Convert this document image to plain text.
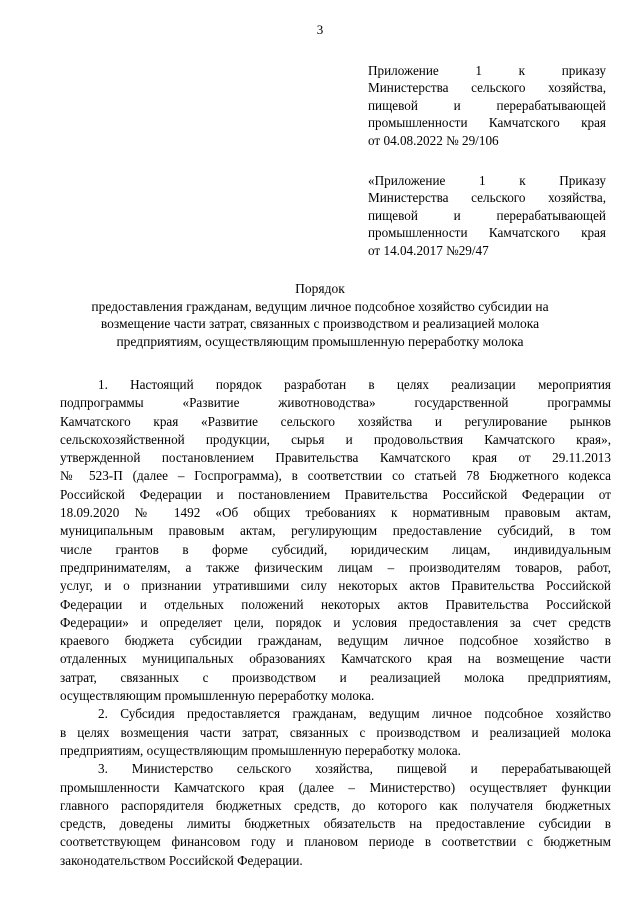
3
Приложение 1 к приказу
Министерства сельского хозяйства,
пищевой и перерабатывающей
промышленности Камчатского края
от 04.08.2022 № 29/106
«Приложение 1 к Приказу
Министерства сельского хозяйства,
пищевой и перерабатывающей
промышленности Камчатского края
от 14.04.2017 №29/47
Порядок
предоставления гражданам, ведущим личное подсобное хозяйство субсидии на
возмещение части затрат, связанных с производством и реализацией молока
предприятиям, осуществляющим промышленную переработку молока
1. Настоящий порядок разработан в целях реализации мероприятия
подпрограммы «Развитие животноводства» государственной программы
Камчатского края «Развитие сельского хозяйства и регулирование рынков
сельскохозяйственной продукции, сырья и продовольствия Камчатского края»,
утвержденной постановлением Правительства Камчатского края от 29.11.2013
№ 523-П (далее – Госпрограмма), в соответствии со статьей 78 Бюджетного кодекса
Российской Федерации и постановлением Правительства Российской Федерации от
18.09.2020 № 1492 «Об общих требованиях к нормативным правовым актам,
муниципальным правовым актам, регулирующим предоставление субсидий, в том
числе грантов в форме субсидий, юридическим лицам, индивидуальным
предпринимателям, а также физическим лицам – производителям товаров, работ,
услуг, и о признании утратившими силу некоторых актов Правительства Российской
Федерации и отдельных положений некоторых актов Правительства Российской
Федерации» и определяет цели, порядок и условия предоставления за счет средств
краевого бюджета субсидии гражданам, ведущим личное подсобное хозяйство в
отдаленных муниципальных образованиях Камчатского края на возмещение части
затрат, связанных с производством и реализацией молока предприятиям,
осуществляющим промышленную переработку молока.
2. Субсидия предоставляется гражданам, ведущим личное подсобное хозяйство
в целях возмещения части затрат, связанных с производством и реализацией молока
предприятиям, осуществляющим промышленную переработку молока.
3. Министерство сельского хозяйства, пищевой и перерабатывающей
промышленности Камчатского края (далее – Министерство) осуществляет функции
главного распорядителя бюджетных средств, до которого как получателя бюджетных
средств, доведены лимиты бюджетных обязательств на предоставление субсидии в
соответствующем финансовом году и плановом периоде в соответствии с бюджетным
законодательством Российской Федерации.
